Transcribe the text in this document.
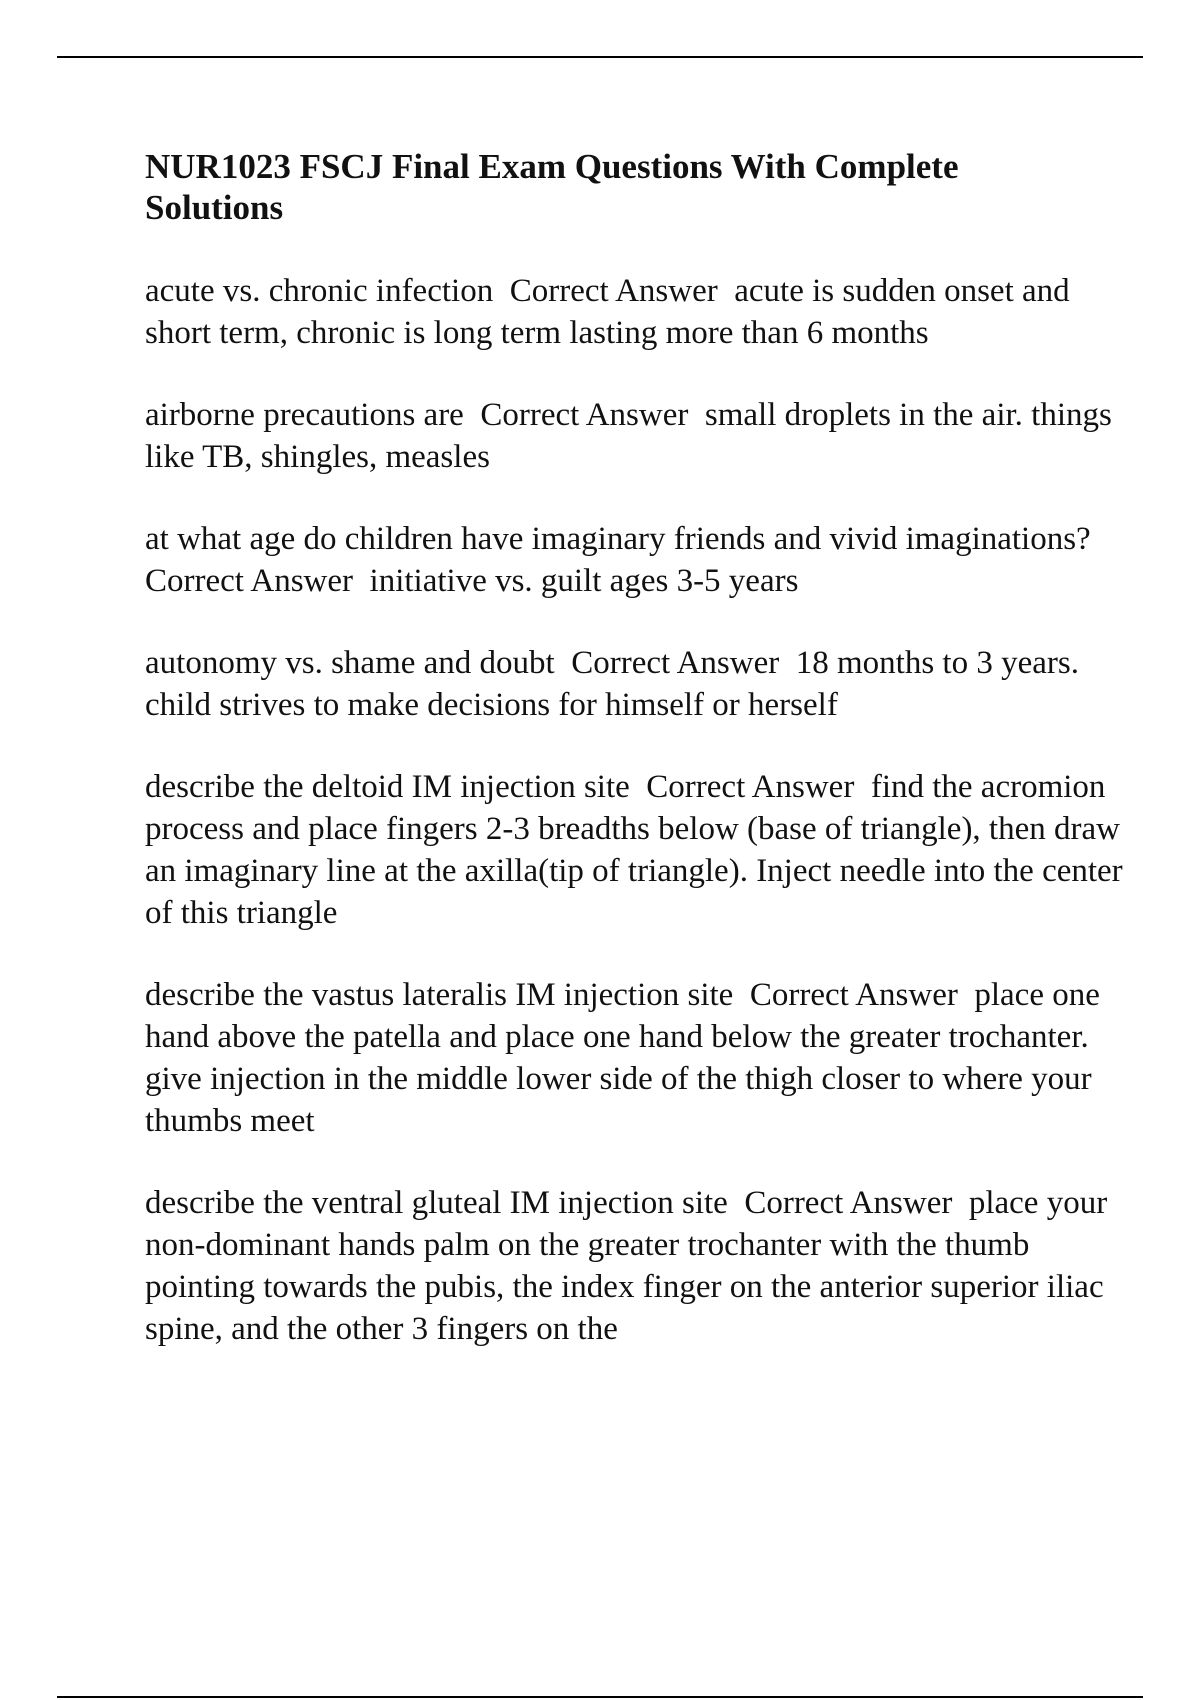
NUR1023 FSCJ Final Exam Questions With Complete Solutions
acute vs. chronic infection Correct Answer acute is sudden onset and short term, chronic is long term lasting more than 6 months
airborne precautions are Correct Answer small droplets in the air. things like TB, shingles, measles
at what age do children have imaginary friends and vivid imaginations?  Correct Answer initiative vs. guilt ages 3-5 years
autonomy vs. shame and doubt Correct Answer 18 months to 3 years. child strives to make decisions for himself or herself
describe the deltoid IM injection site Correct Answer find the acromion process and place fingers 2-3 breadths below (base of triangle), then draw an imaginary line at the axilla(tip of triangle). Inject needle into the center of this triangle
describe the vastus lateralis IM injection site Correct Answer place one hand above the patella and place one hand below the greater trochanter. give injection in the middle lower side of the thigh closer to where your thumbs meet
describe the ventral gluteal IM injection site Correct Answer place your non-dominant hands palm on the greater trochanter with the thumb pointing towards the pubis, the index finger on the anterior superior iliac spine, and the other 3 fingers on the
